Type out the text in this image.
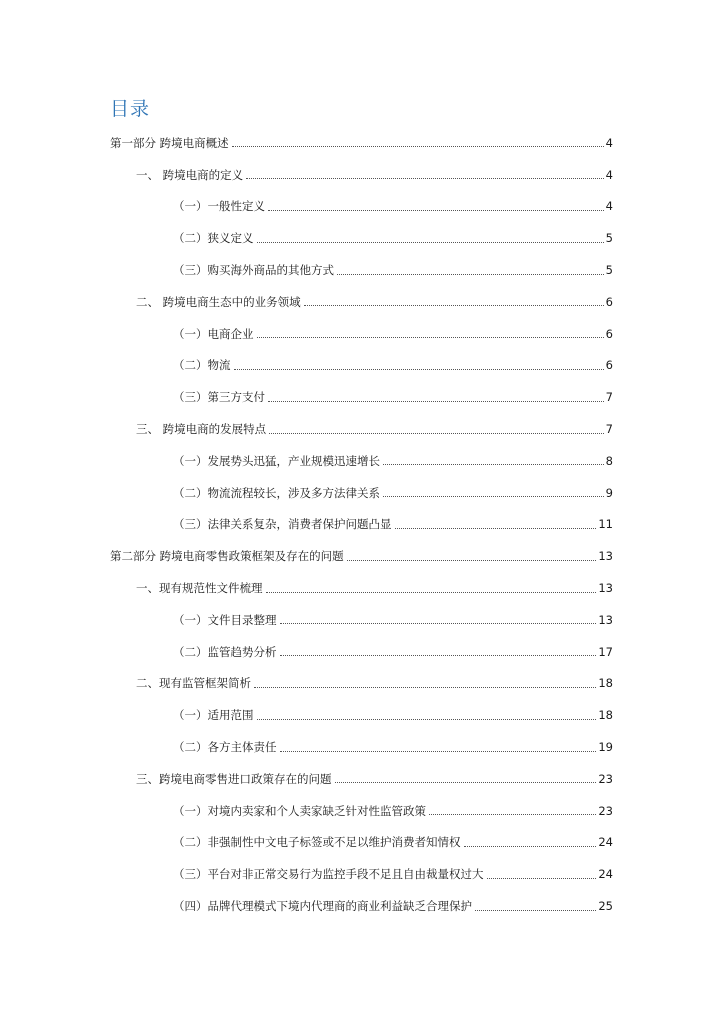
目录
第一部分 跨境电商概述	4
一、 跨境电商的定义	4
（一）一般性定义	4
（二）狭义定义	5
（三）购买海外商品的其他方式	5
二、 跨境电商生态中的业务领域	6
（一）电商企业	6
（二）物流	6
（三）第三方支付	7
三、 跨境电商的发展特点	7
（一）发展势头迅猛，产业规模迅速增长	8
（二）物流流程较长，涉及多方法律关系	9
（三）法律关系复杂，消费者保护问题凸显	11
第二部分 跨境电商零售政策框架及存在的问题	13
一、现有规范性文件梳理	13
（一）文件目录整理	13
（二）监管趋势分析	17
二、现有监管框架简析	18
（一）适用范围	18
（二）各方主体责任	19
三、跨境电商零售进口政策存在的问题	23
（一）对境内卖家和个人卖家缺乏针对性监管政策	23
（二）非强制性中文电子标签或不足以维护消费者知情权	24
（三）平台对非正常交易行为监控手段不足且自由裁量权过大	24
（四）品牌代理模式下境内代理商的商业利益缺乏合理保护	25
